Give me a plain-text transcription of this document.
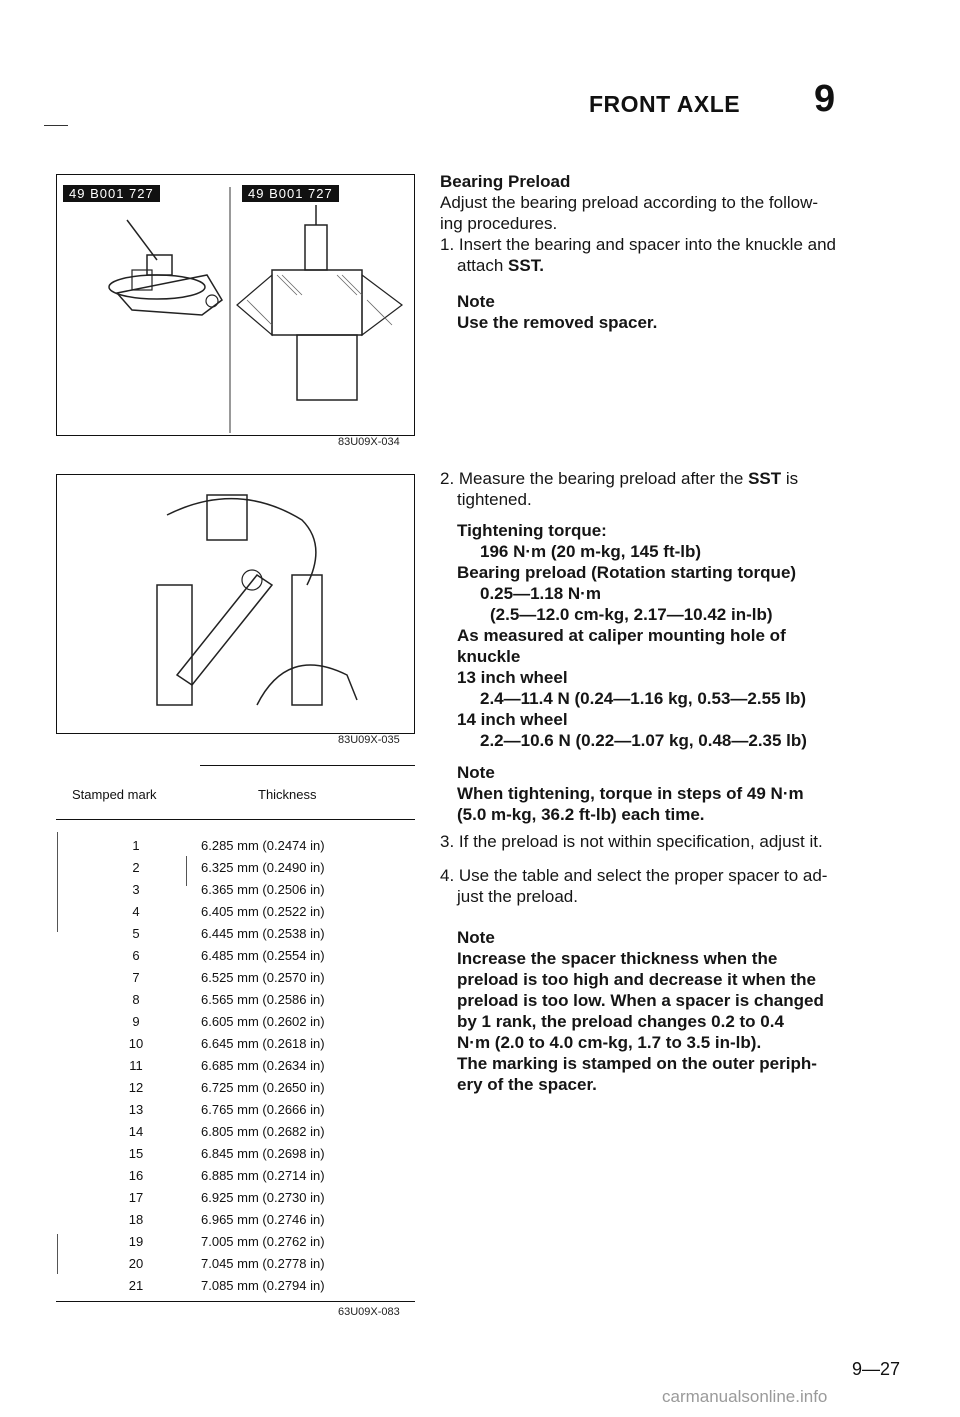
FRONT AXLE 9
49 B001 727	49 B001 727
83U09X-034
83U09X-035
Stamped mark	Thickness
1	6.285 mm (0.2474 in)
2	6.325 mm (0.2490 in)
3	6.365 mm (0.2506 in)
4	6.405 mm (0.2522 in)
5	6.445 mm (0.2538 in)
6	6.485 mm (0.2554 in)
7	6.525 mm (0.2570 in)
8	6.565 mm (0.2586 in)
9	6.605 mm (0.2602 in)
10	6.645 mm (0.2618 in)
11	6.685 mm (0.2634 in)
12	6.725 mm (0.2650 in)
13	6.765 mm (0.2666 in)
14	6.805 mm (0.2682 in)
15	6.845 mm (0.2698 in)
16	6.885 mm (0.2714 in)
17	6.925 mm (0.2730 in)
18	6.965 mm (0.2746 in)
19	7.005 mm (0.2762 in)
20	7.045 mm (0.2778 in)
21	7.085 mm (0.2794 in)
63U09X-083
Bearing Preload
Adjust the bearing preload according to the follow-
ing procedures.
1. Insert the bearing and spacer into the knuckle and
attach SST.
Note
Use the removed spacer.
2. Measure the bearing preload after the SST is
tightened.
Tightening torque:
196 N·m (20 m-kg, 145 ft-lb)
Bearing preload (Rotation starting torque)
0.25—1.18 N·m
(2.5—12.0 cm-kg, 2.17—10.42 in-lb)
As measured at caliper mounting hole of
knuckle
13 inch wheel
2.4—11.4 N (0.24—1.16 kg, 0.53—2.55 lb)
14 inch wheel
2.2—10.6 N (0.22—1.07 kg, 0.48—2.35 lb)
Note
When tightening, torque in steps of 49 N·m
(5.0 m-kg, 36.2 ft-lb) each time.
3. If the preload is not within specification, adjust it.
4. Use the table and select the proper spacer to ad-
just the preload.
Note
Increase the spacer thickness when the
preload is too high and decrease it when the
preload is too low. When a spacer is changed
by 1 rank, the preload changes 0.2 to 0.4
N·m (2.0 to 4.0 cm-kg, 1.7 to 3.5 in-lb).
The marking is stamped on the outer periph-
ery of the spacer.
9—27
carmanualsonline.info
